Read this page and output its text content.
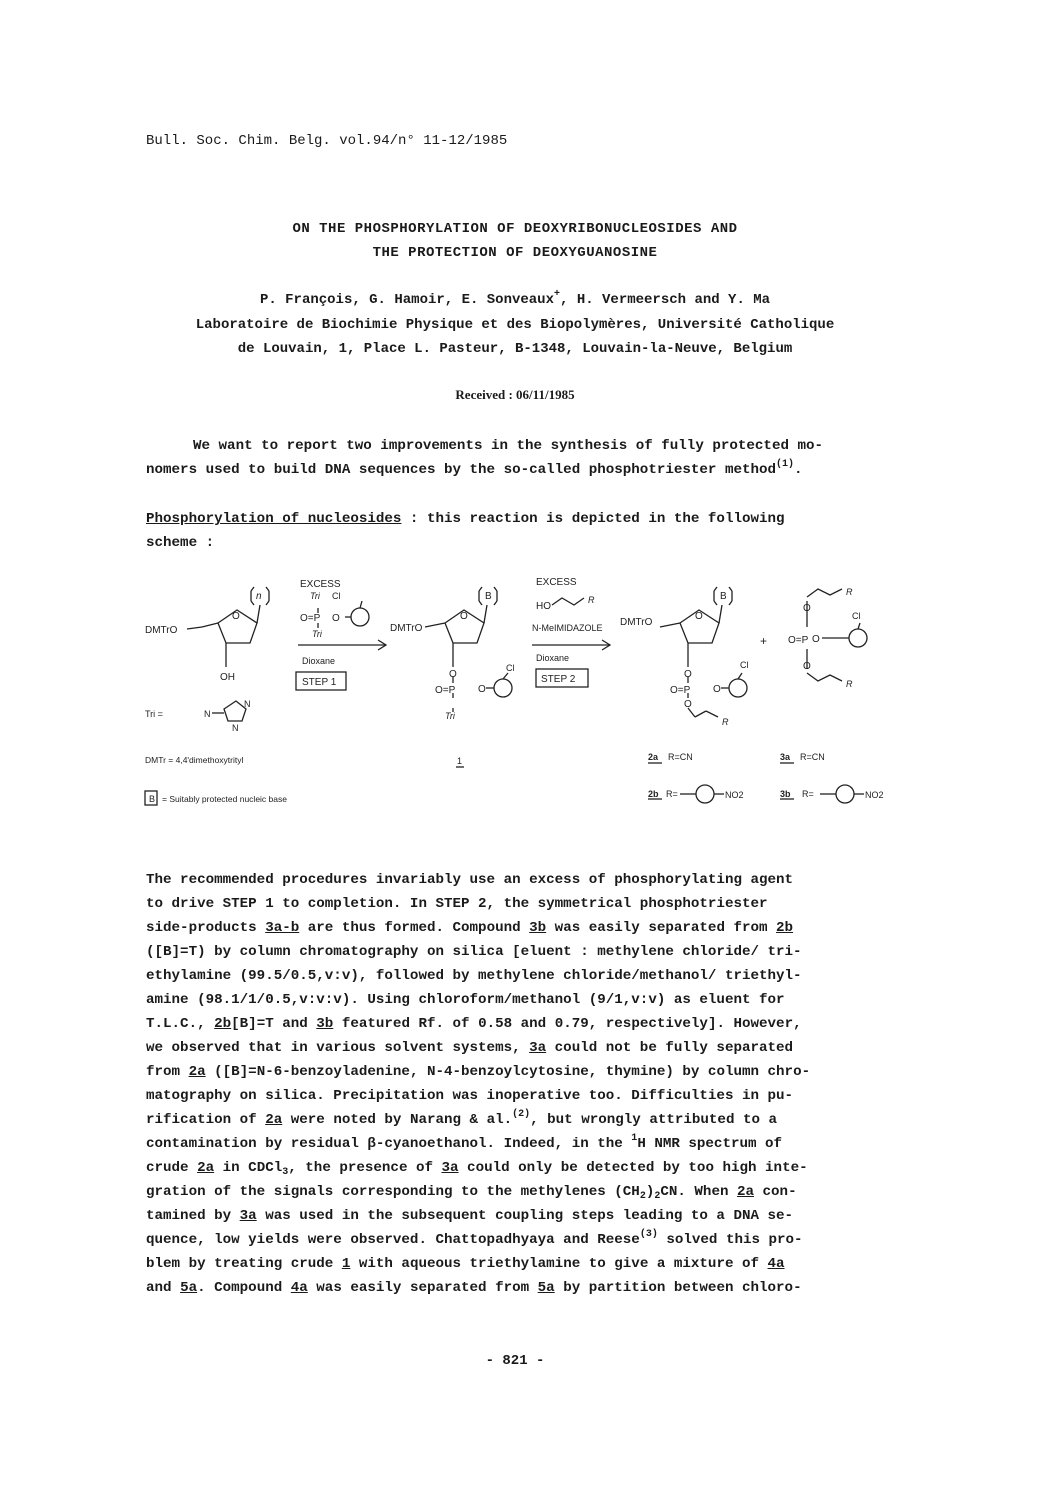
Bull. Soc. Chim. Belg. vol.94/n° 11-12/1985
ON THE PHOSPHORYLATION OF DEOXYRIBONUCLEOSIDES AND
THE PROTECTION OF DEOXYGUANOSINE
P. François, G. Hamoir, E. Sonveaux+, H. Vermeersch and Y. Ma
Laboratoire de Biochimie Physique et des Biopolymères, Université Catholique
de Louvain, 1, Place L. Pasteur, B-1348, Louvain-la-Neuve, Belgium
Received : 06/11/1985
We want to report two improvements in the synthesis of fully protected mo-
nomers used to build DNA sequences by the so-called phosphotriester method$^{(1)}$.
Phosphorylation of nucleosides : this reaction is depicted in the following
scheme :
EXCESS
Tri Cl
O=P O
Tri
Dioxane
STEP 1
DMTrO
O
n
OH
DMTrO
O
B
O
O=P O
Cl
Tri
EXCESS
HO
R
N-MeIMIDAZOLE
Dioxane
STEP 2
DMTrO
O
B
O
O=P O
Cl
O
R
+
O
O=P O
Cl
O
R
R
Tri =	N
N
N
DMTr = 4,4'dimethoxytrityl
B = Suitably protected nucleic base
1	2a R=CN	3a R=CN
2b R=	NO2	3b R=	NO2
The recommended procedures invariably use an excess of phosphorylating agent
to drive STEP 1 to completion. In STEP 2, the symmetrical phosphotriester
side-products 3a-b are thus formed. Compound 3b was easily separated from 2b
([B]=T) by column chromatography on silica [eluent : methylene chloride/ tri-
ethylamine (99.5/0.5,v:v), followed by methylene chloride/methanol/ triethyl-
amine (98.1/1/0.5,v:v:v). Using chloroform/methanol (9/1,v:v) as eluent for
T.L.C., 2b[B]=T and 3b featured Rf. of 0.58 and 0.79, respectively]. However,
we observed that in various solvent systems, 3a could not be fully separated
from 2a ([B]=N-6-benzoyladenine, N-4-benzoylcytosine, thymine) by column chro-
matography on silica. Precipitation was inoperative too. Difficulties in pu-
rification of 2a were noted by Narang & al.$^{(2)}$, but wrongly attributed to a
contamination by residual β-cyanoethanol. Indeed, in the $^1$H NMR spectrum of
crude 2a in CDCl$_3$, the presence of 3a could only be detected by too high inte-
gration of the signals corresponding to the methylenes $(CH_2)_2CN$. When 2a con-
tamined by 3a was used in the subsequent coupling steps leading to a DNA se-
quence, low yields were observed. Chattopadhyaya and Reese$^{(3)}$ solved this pro-
blem by treating crude 1 with aqueous triethylamine to give a mixture of 4a
and 5a. Compound 4a was easily separated from 5a by partition between chloro-
- 821 -
